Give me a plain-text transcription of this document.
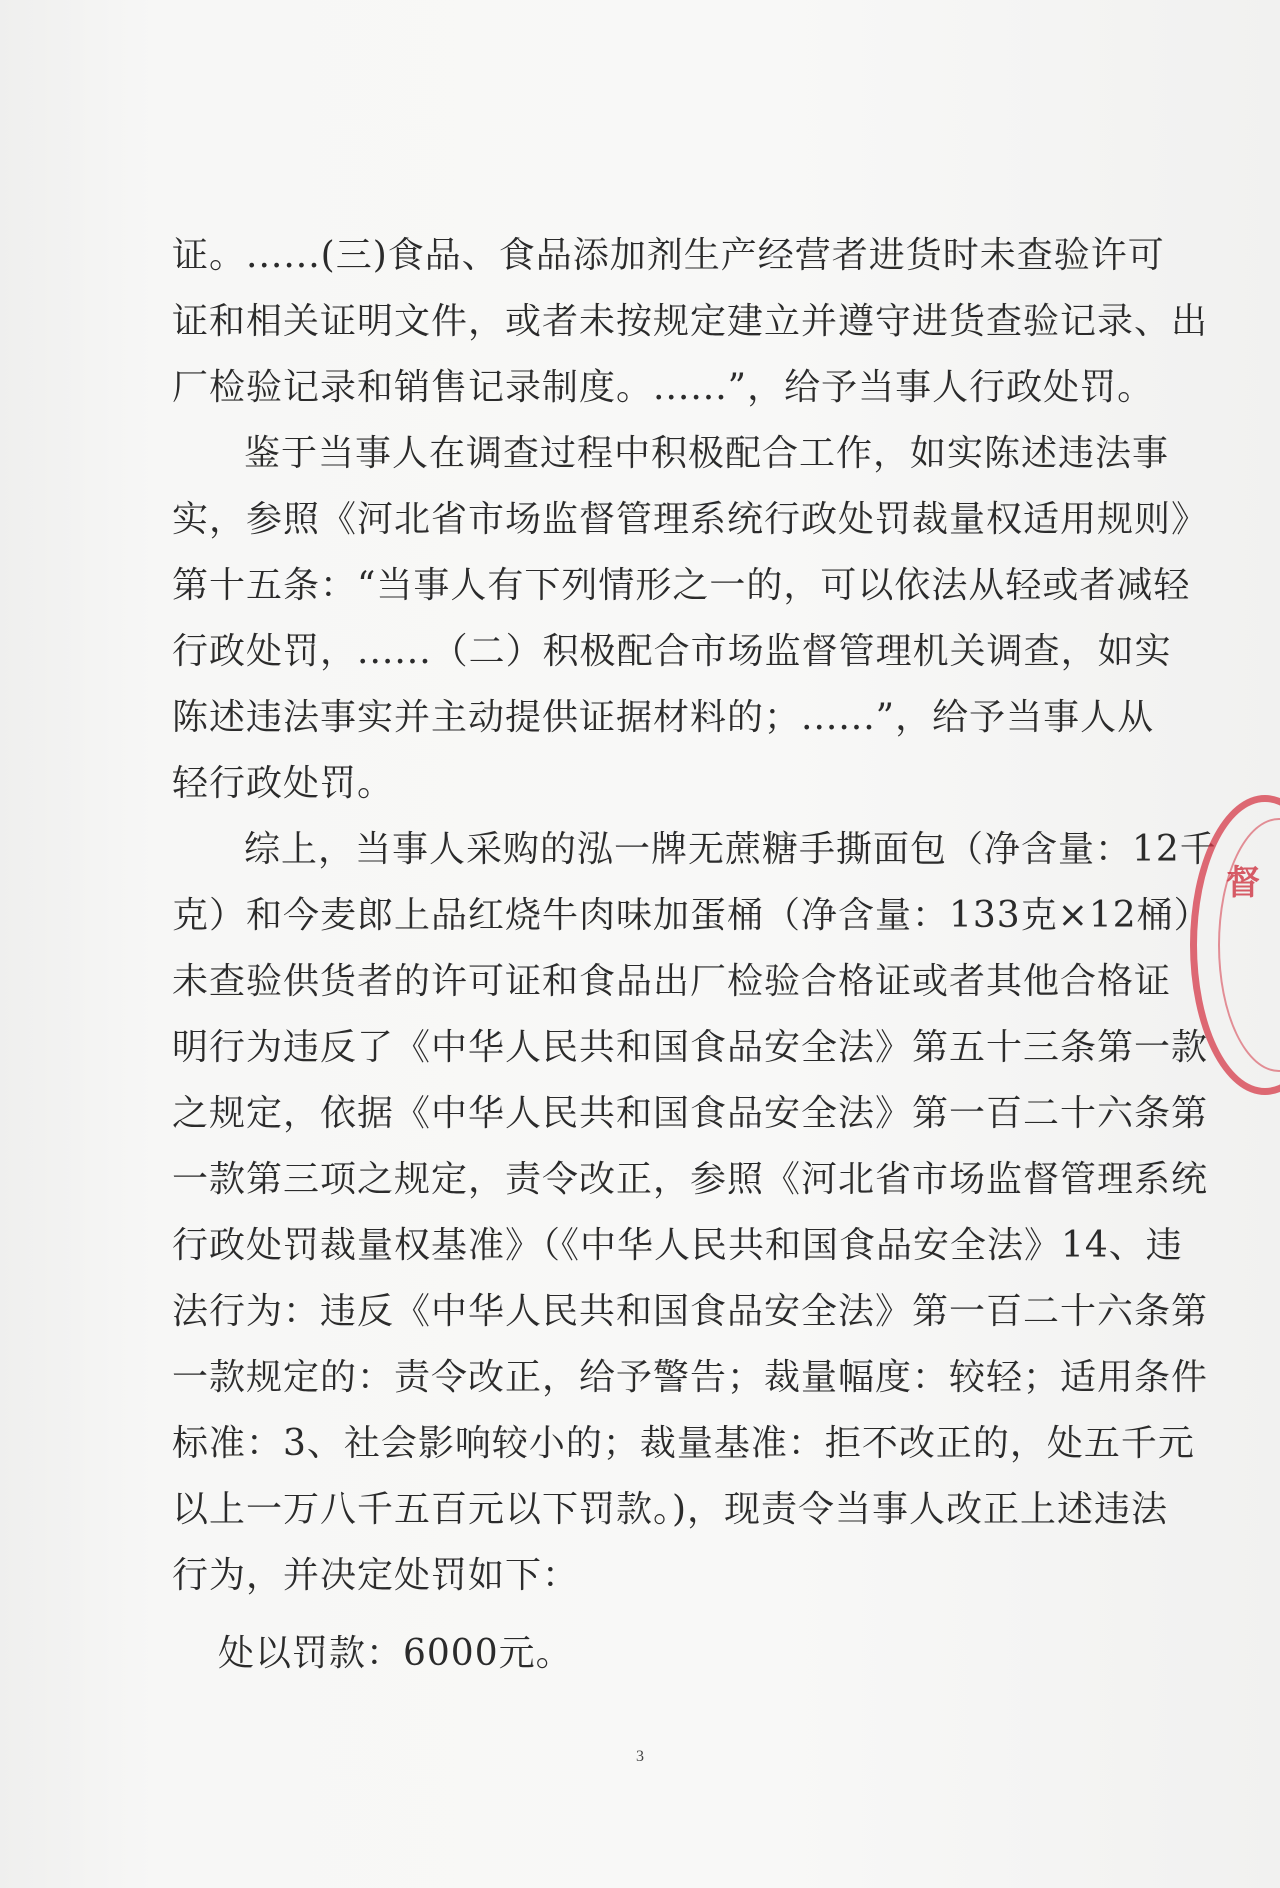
证。......(三)食品、食品添加剂生产经营者进货时未查验许可
证和相关证明文件，或者未按规定建立并遵守进货查验记录、出
厂检验记录和销售记录制度。......”，给予当事人行政处罚。
鉴于当事人在调查过程中积极配合工作，如实陈述违法事
实，参照《河北省市场监督管理系统行政处罚裁量权适用规则》
第十五条：“当事人有下列情形之一的，可以依法从轻或者减轻
行政处罚，......（二）积极配合市场监督管理机关调查，如实
陈述违法事实并主动提供证据材料的；......”，给予当事人从
轻行政处罚。
综上，当事人采购的泓一牌无蔗糖手撕面包（净含量：12千
克）和今麦郎上品红烧牛肉味加蛋桶（净含量：133克×12桶）
未查验供货者的许可证和食品出厂检验合格证或者其他合格证
明行为违反了《中华人民共和国食品安全法》第五十三条第一款
之规定，依据《中华人民共和国食品安全法》第一百二十六条第
一款第三项之规定，责令改正，参照《河北省市场监督管理系统
行政处罚裁量权基准》（《中华人民共和国食品安全法》14、违
法行为：违反《中华人民共和国食品安全法》第一百二十六条第
一款规定的：责令改正，给予警告；裁量幅度：较轻；适用条件
标准：3、社会影响较小的；裁量基准：拒不改正的，处五千元
以上一万八千五百元以下罚款。)，现责令当事人改正上述违法
行为，并决定处罚如下：
处以罚款：6000元。
3
督
